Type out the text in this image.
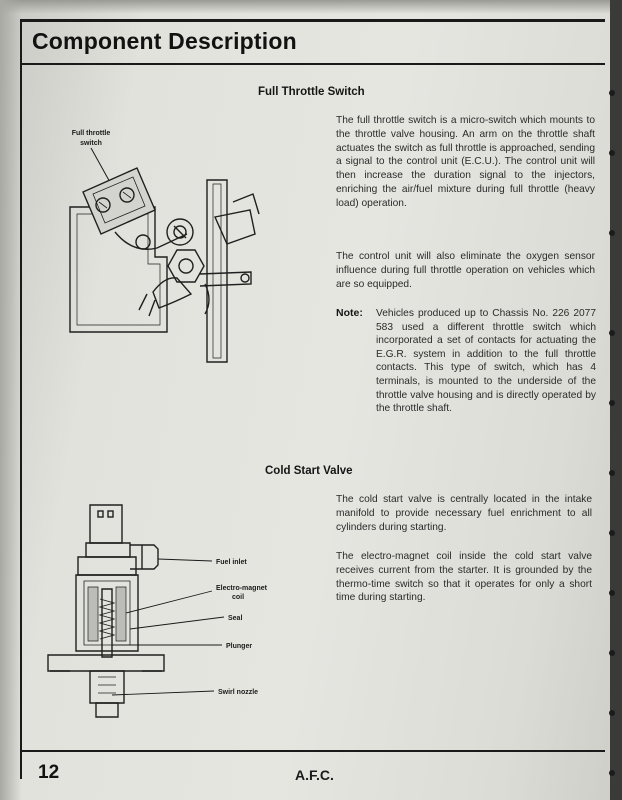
Component Description
Full Throttle Switch
Full throttle
switch

The full throttle switch is a micro-switch which mounts to the throttle valve housing. An arm on the throttle shaft actuates the switch as full throttle is approached, sending a signal to the control unit (E.C.U.). The control unit will then increase the duration signal to the injectors, enriching the air/fuel mixture during full throttle (heavy load) operation.

The control unit will also eliminate the oxygen sensor influence during full throttle operation on vehicles which are so equipped.

Note: Vehicles produced up to Chassis No. 226 2077 583 used a different throttle switch which incorporated a set of contacts for actuating the E.G.R. system in addition to the full throttle contacts. This type of switch, which has 4 terminals, is mounted to the underside of the throttle valve housing and is directly operated by the throttle shaft.

Cold Start Valve
Fuel inlet
Electro-magnet
coil
Seal
Plunger
Swirl nozzle

The cold start valve is centrally located in the intake manifold to provide necessary fuel enrichment to all cylinders during starting.

The electro-magnet coil inside the cold start valve receives current from the starter. It is grounded by the thermo-time switch so that it operates for only a short time during starting.

12	A.F.C.
